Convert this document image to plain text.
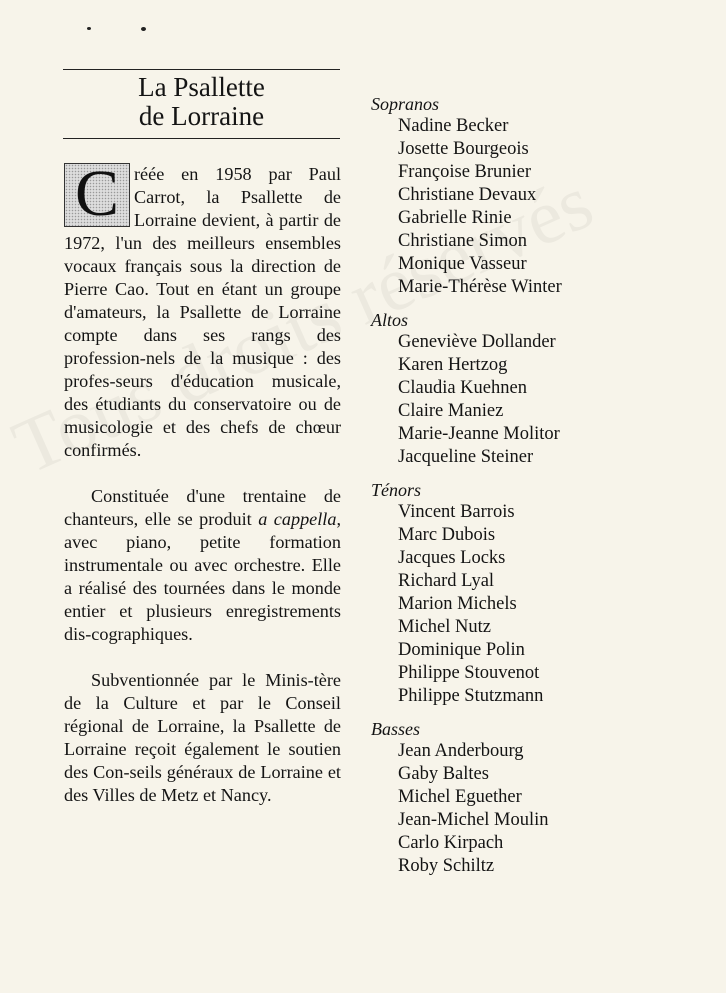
La Psallette
de Lorraine

C réée en 1958 par Paul Carrot, la Psallette de Lorraine devient, à partir de 1972, l'un des meilleurs ensembles vocaux français sous la direction de Pierre Cao. Tout en étant un groupe d'amateurs, la Psallette de Lorraine compte dans ses rangs des profession-nels de la musique : des profes-seurs d'éducation musicale, des étudiants du conservatoire ou de musicologie et des chefs de chœur confirmés.

Constituée d'une trentaine de chanteurs, elle se produit a cappella, avec piano, petite formation instrumentale ou avec orchestre. Elle a réalisé des tournées dans le monde entier et plusieurs enregistrements dis-cographiques.

Subventionnée par le Minis-tère de la Culture et par le Conseil régional de Lorraine, la Psallette de Lorraine reçoit également le soutien des Con-seils généraux de Lorraine et des Villes de Metz et Nancy.

Sopranos
Nadine Becker
Josette Bourgeois
Françoise Brunier
Christiane Devaux
Gabrielle Rinie
Christiane Simon
Monique Vasseur
Marie-Thérèse Winter
Altos
Geneviève Dollander
Karen Hertzog
Claudia Kuehnen
Claire Maniez
Marie-Jeanne Molitor
Jacqueline Steiner
Ténors
Vincent Barrois
Marc Dubois
Jacques Locks
Richard Lyal
Marion Michels
Michel Nutz
Dominique Polin
Philippe Stouvenot
Philippe Stutzmann
Basses
Jean Anderbourg
Gaby Baltes
Michel Eguether
Jean-Michel Moulin
Carlo Kirpach
Roby Schiltz
